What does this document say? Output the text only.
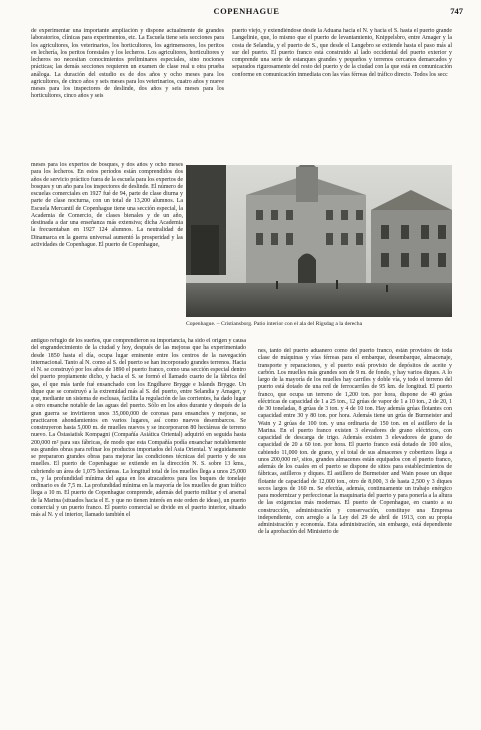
COPENHAGUE	747

de experimentar una importante ampliación y dispone actualmente de grandes laboratorios, clínicas para experimentos, etc. La Escuela tiene seis secciones para los agricultores, los veterinarios, los horticultores, los agrimensores, los peritos en lechería, los peritos forestales y los lecheros. Los agricultores, horticultores y lecheros no necesitan conocimientos preliminares especiales, sino nociones prácticas; las demás secciones requieren un examen de clase real u otra prueba análoga. La duración del estudio es de dos años y ocho meses para los agricultores, de cinco años y seis meses para los veterinarios, cuatro años y nueve meses para los inspectores de deslinde, dos años y seis meses para los horticultores, cinco años y seis

puerto viejo, y extendiéndose desde la Aduana hacia el N. y hacia el S. hasta el puerto grande Langelinie, que, lo mismo que el puerto de levantamiento, Knippelsbro, entre Amager y la costa de Selandia, y el puerto de S., que desde el Langebro se extiende hasta el paso más al sur del puerto. El puerto franco está construido al lado occidental del puerto exterior y comprende una serie de estanques grandes y pequeños y terrenos cercanos demarcados y separados rigurosamente del resto del puerto y de la ciudad con la que está en comunicación conforme en comunicación inmediata con las vías férreas del tráfico directo. Todos los secc

meses para los expertos de bosques, y dos años y ocho meses para los lecheros. En estos períodos están comprendidos dos años de servicio práctico fuera de la escuela para los expertos de bosques y un año para los inspectores de deslinde. El número de escuelas comerciales en 1927 fué de 94, parte de clase diurna y parte de clase nocturna, con un total de 13,200 alumnos. La Escuela Mercantil de Copenhague tiene una sección especial, la Academia de Comercio, de clases bienales y de un año, destinada a dar una enseñanza más extensiva; dicha Academia la frecuentaban en 1927 124 alumnos. La neutralidad de Dinamarca en la guerra universal aumentó la prosperidad y las actividades de Copenhague. El puerto de Copenhague,

Copenhague. – Cristiansborg. Patio interior con el ala del Rigsdag a la derecha

antiguo refugio de los sueños, que comprendieron su importancia, ha sido el origen y causa del engrandecimiento de la ciudad y hoy, después de las mejoras que ha experimentado desde 1850 hasta el día, ocupa lugar eminente entre los centros de la navegación internacional. Tanto al N. como al S. del puerto se han incorporado grandes terrenos. Hacia el N. se construyó por los años de 1890 el puerto franco, como una sección especial dentro del puerto propiamente dicho, y hacia el S. se formó el llamado cuarto de la fábrica del gas, el que más tarde fué ensanchado con los Engdhave Brygge e Islands Brygge. Un dique que se construyó a la extremidad más al S. del puerto, entre Selandia y Amager, y que, mediante un sistema de esclusas, facilita la regulación de las corrientes, ha dado lugar a otro ensanche notable de las aguas del puerto. Sólo en los años durante y después de la gran guerra se invirtieron unos 35,000,000 de coronas para ensanches y mejoras, se practicaron ahondamientos en varios lugares, así como nuevos desembarcos. Se construyeron hasta 5,000 m. de muelles nuevos y se incorporaron 80 hectáreas de terreno nuevo. La Östasiatisk Kompagni (Compañía Asiática Oriental) adquirió en seguida hasta 200,000 m² para sus fábricas, de modo que esta Compañía podía ensanchar notablemente sus grandes obras para refinar los productos importados del Asia Oriental. Y seguidamente se prepararon grandes obras para mejorar las condiciones técnicas del puerto y de sus muelles. El puerto de Copenhague se extiende en la dirección N. S. sobre 13 kms., cubriendo un área de 1,075 hectáreas. La longitud total de los muelles llega a unos 25,000 m., y la profundidad mínima del agua en los atracaderos para los buques de tonelaje ordinario es de 7,5 m. La profundidad mínima en la mayoría de los muelles de gran tráfico llega a 10 m. El puerto de Copenhague comprende, además del puerto militar y el arsenal de la Marina (situados hacia el E. y que no tienen interés en este orden de ideas), un puerto comercial y un puerto franco. El puerto comercial se divide en el puerto interior, situado más al N. y el interior, llamado también el

nes, tanto del puerto aduanero como del puerto franco, están provistos de toda clase de máquinas y vías férreas para el embarque, desembarque, almacenaje, transporte y reparaciones, y el puerto está provisto de depósitos de aceite y carbón. Los muelles más grandes son de 9 m. de fondo, y hay varios diques. A lo largo de la mayoría de los muelles hay carriles y doble vía, y todo el terreno del puerto está dotado de una red de ferrocarriles de 95 km. de longitud. El puerto franco, que ocupa un terreno de 1,200 ton. por hora, dispone de 40 grúas eléctricas de capacidad de 1 a 25 ton., 12 grúas de vapor de 1 a 10 ton., 2 de 20, 1 de 30 toneladas, 8 grúas de 3 ton. y 4 de 10 ton. Hay además grúas flotantes con capacidad entre 30 y 80 ton. por hora. Además tiene un grúa de Burmeister and Wain y 2 grúas de 100 ton. y una ordinaria de 150 ton. en el astillero de la Marina. En el puerto franco existen 3 elevadores de grano eléctricos, con capacidad de descarga de trigo. Además existen 3 elevadores de grano de capacidad de 20 a 60 ton. por hora. El puerto franco está dotado de 100 silos, cabiendo 11,000 ton. de grano, y el total de sus almacenes y cobertizos llega a unos 200,000 m², sitos, grandes almacenes están equipados con el puerto franco, además de los cuales en el puerto se dispone de sitios para establecimientos de fábricas, astilleros y diques. El astillero de Burmeister and Wain posee un dique flotante de capacidad de 12,000 ton., otro de 8,000, 3 de hasta 2,500 y 3 diques secos largos de 160 m. Se efectúa, además, continuamente un trabajo enérgico para modernizar y perfeccionar la maquinaria del puerto y para ponerla a la altura de las exigencias más modernas. El puerto de Copenhague, en cuanto a su construcción, administración y conservación, constituye una Empresa independiente, con arreglo a la Ley del 29 de abril de 1913, con su propia administración y economía. Esta administración, sin embargo, está dependiente de la aprobación del Ministerio de
